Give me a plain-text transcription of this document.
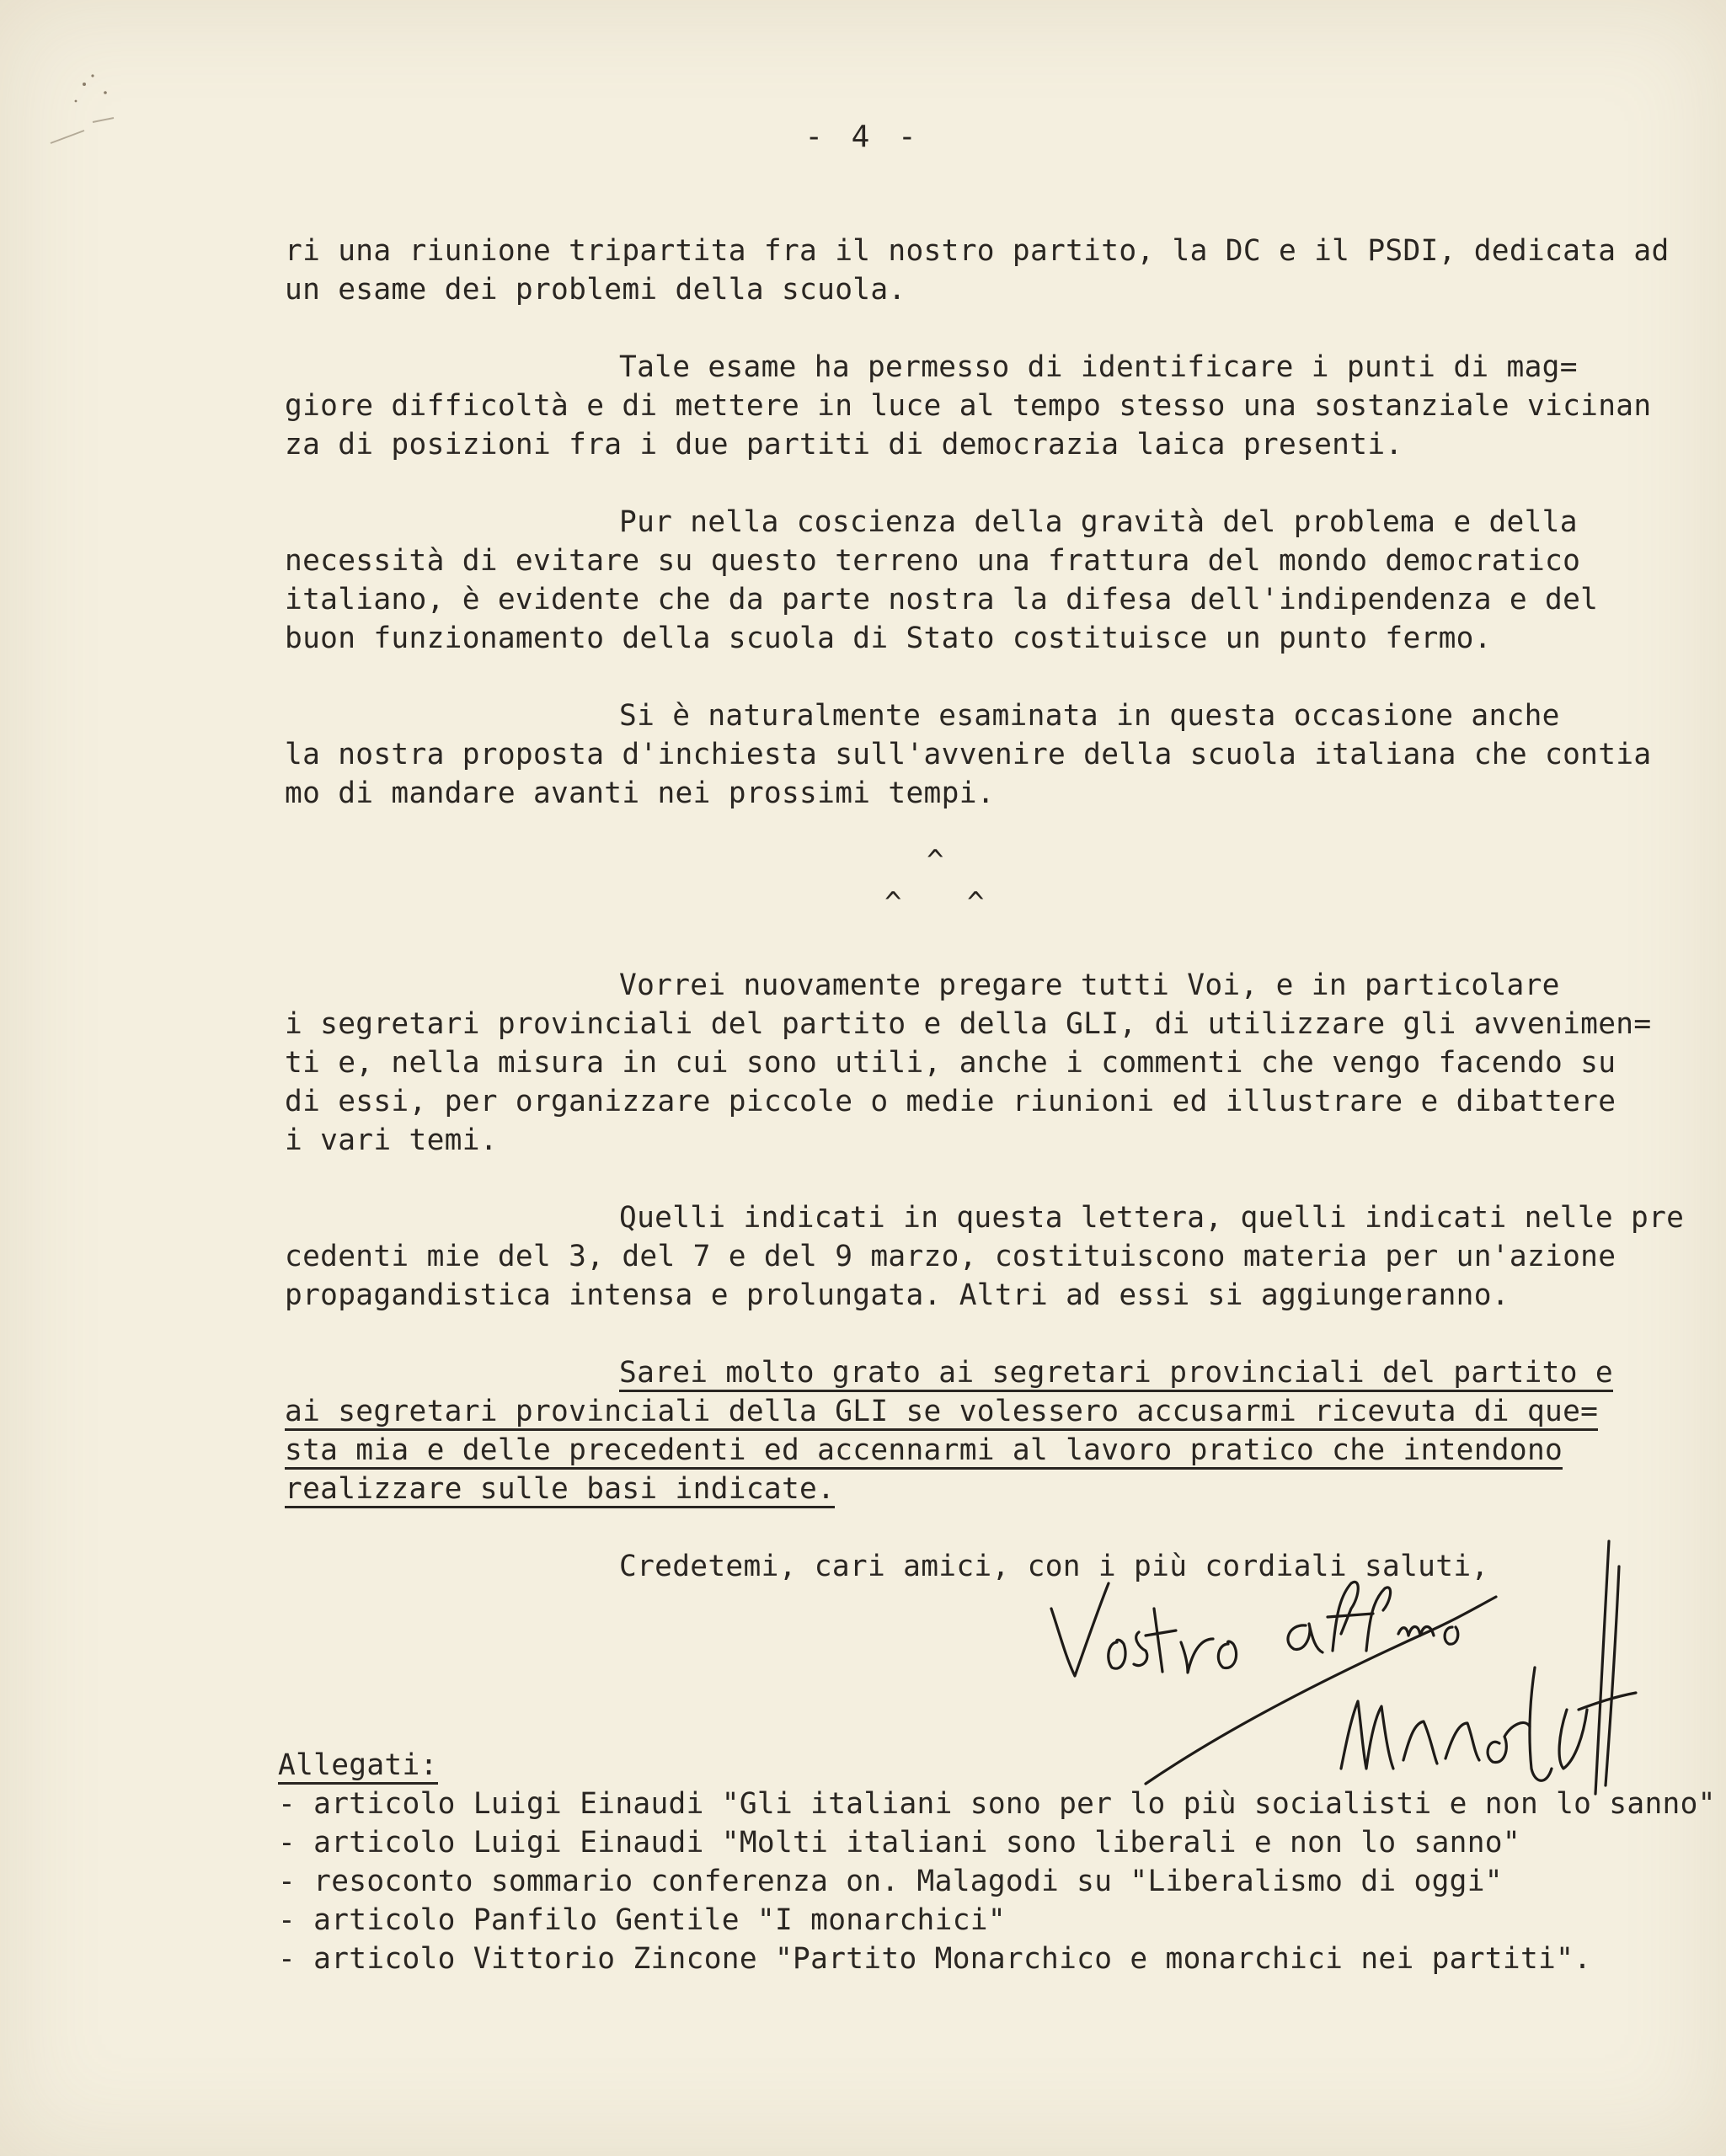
- 4 -
ri una riunione tripartita fra il nostro partito, la DC e il PSDI, dedicata ad
un esame dei problemi della scuola.
Tale esame ha permesso di identificare i punti di mag=
giore difficoltà e di mettere in luce al tempo stesso una sostanziale vicinan
za di posizioni fra i due partiti di democrazia laica presenti.
Pur nella coscienza della gravità del problema e della
necessità di evitare su questo terreno una frattura del mondo democratico
italiano, è evidente che da parte nostra la difesa dell'indipendenza e del
buon funzionamento della scuola di Stato costituisce un punto fermo.
Si è naturalmente esaminata in questa occasione anche
la nostra proposta d'inchiesta sull'avvenire della scuola italiana che contia
mo di mandare avanti nei prossimi tempi.
^
^ ^
Vorrei nuovamente pregare tutti Voi, e in particolare
i segretari provinciali del partito e della GLI, di utilizzare gli avvenimen=
ti e, nella misura in cui sono utili, anche i commenti che vengo facendo su
di essi, per organizzare piccole o medie riunioni ed illustrare e dibattere
i vari temi.
Quelli indicati in questa lettera, quelli indicati nelle pre
cedenti mie del 3, del 7 e del 9 marzo, costituiscono materia per un'azione
propagandistica intensa e prolungata. Altri ad essi si aggiungeranno.
Sarei molto grato ai segretari provinciali del partito e
ai segretari provinciali della GLI se volessero accusarmi ricevuta di que=
sta mia e delle precedenti ed accennarmi al lavoro pratico che intendono
realizzare sulle basi indicate.
Credetemi, cari amici, con i più cordiali saluti,
Allegati:
- articolo Luigi Einaudi "Gli italiani sono per lo più socialisti e non lo sanno"
- articolo Luigi Einaudi "Molti italiani sono liberali e non lo sanno"
- resoconto sommario conferenza on. Malagodi su "Liberalismo di oggi"
- articolo Panfilo Gentile "I monarchici"
- articolo Vittorio Zincone "Partito Monarchico e monarchici nei partiti".
